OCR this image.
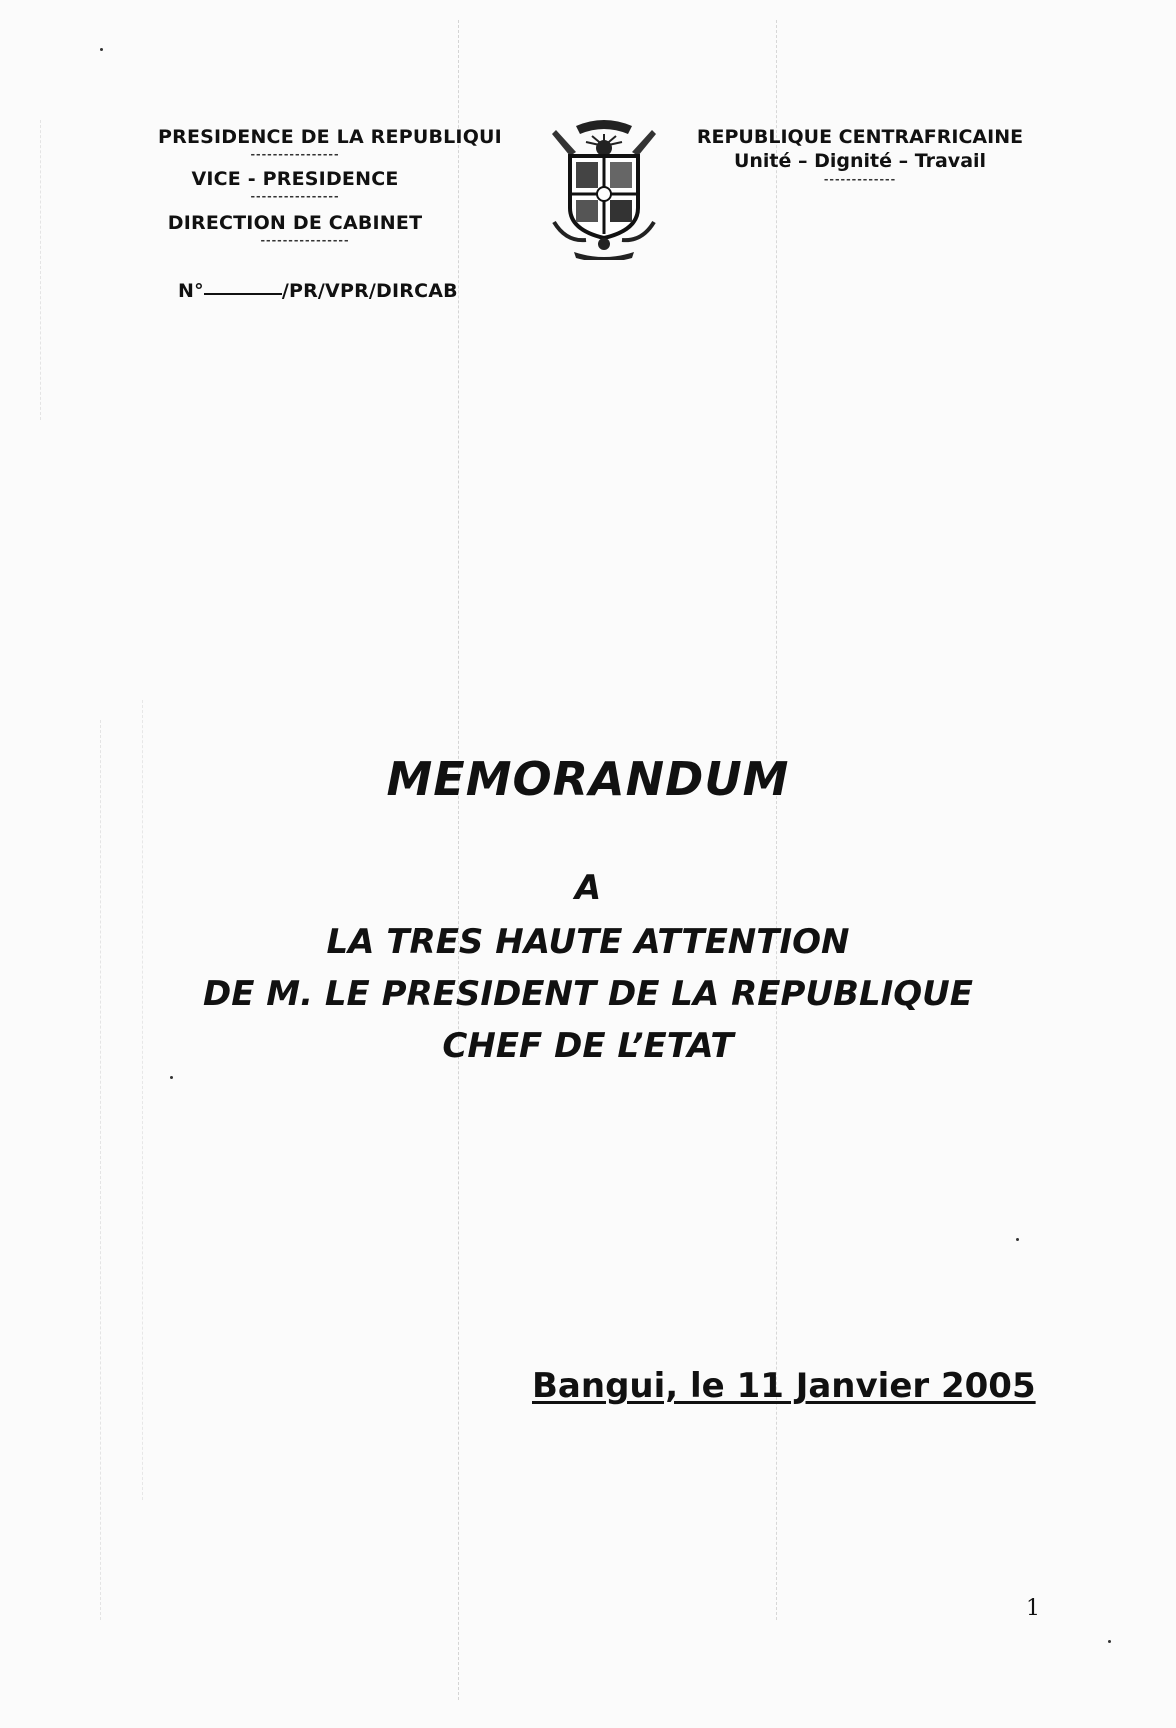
PRESIDENCE DE LA REPUBLIQUI
----------------
VICE - PRESIDENCE
----------------
DIRECTION DE CABINET
----------------
N°	/PR/VPR/DIRCAB
REPUBLIQUE CENTRAFRICAINE
Unité – Dignité – Travail
-------------
MEMORANDUM
A
LA TRES HAUTE ATTENTION
DE M. LE PRESIDENT DE LA REPUBLIQUE
CHEF DE L’ETAT
Bangui, le 11 Janvier 2005
1
